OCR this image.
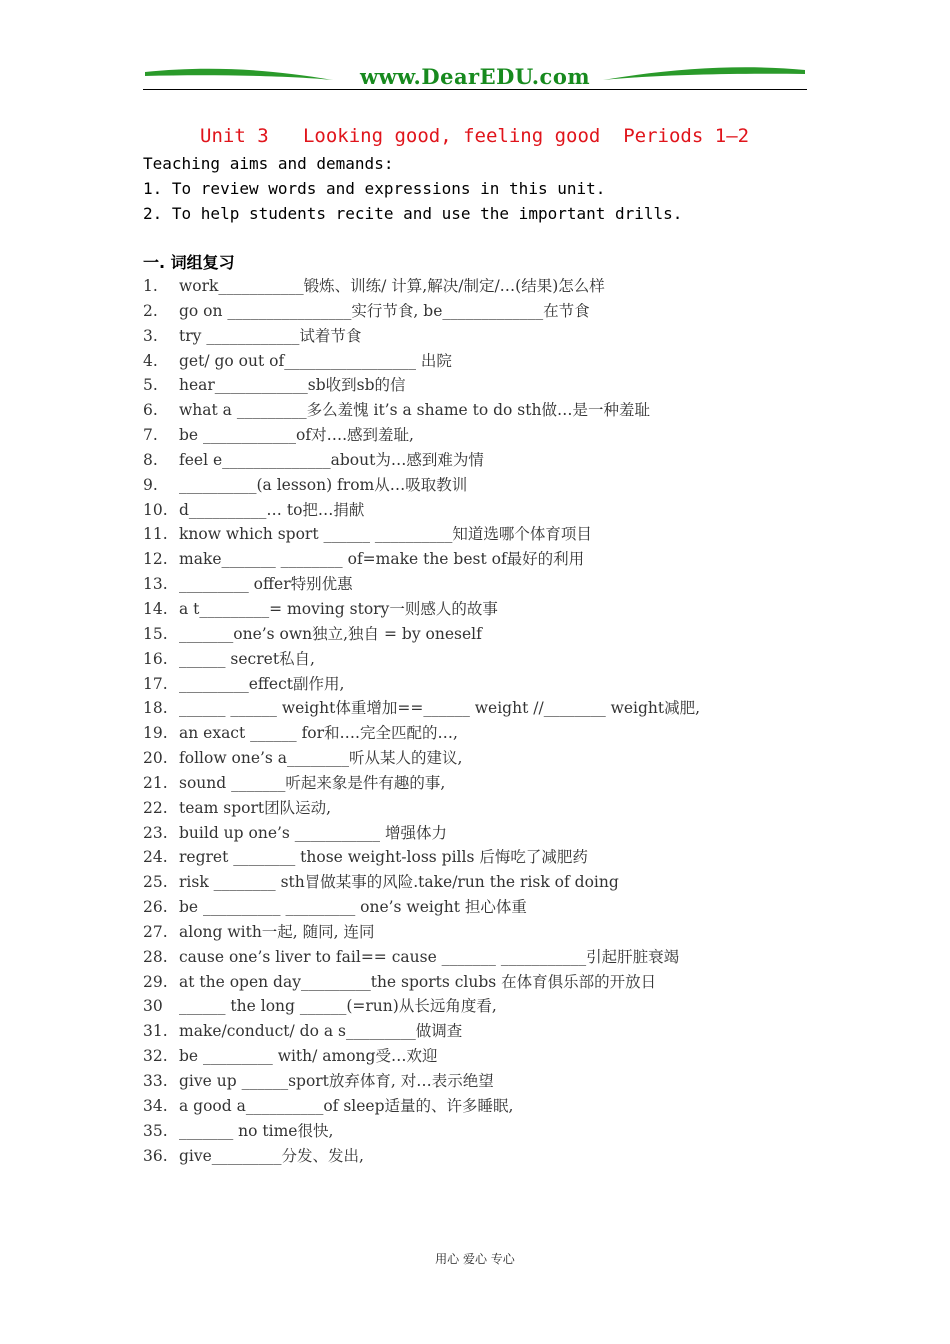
www.DearEDU.com
Unit 3   Looking good, feeling good  Periods 1—2
Teaching aims and demands:
1. To review words and expressions in this unit.
2. To help students recite and use the important drills.
一. 词组复习
1. work___________锻炼、训练/ 计算,解决/制定/…(结果)怎么样
2. go on ________________实行节食, be_____________在节食
3. try ____________试着节食
4. get/ go out of_________________ 出院
5. hear____________sb收到sb的信
6. what a _________多么羞愧 it’s a shame to do sth做…是一种羞耻
7. be ____________of对….感到羞耻,
8. feel e______________about为…感到难为情
9. __________(a lesson) from从…吸取教训
10. d__________… to把…捐献
11. know which sport ______ __________知道选哪个体育项目
12. make_______ ________ of=make the best of最好的利用
13. _________ offer特别优惠
14. a t_________= moving story一则感人的故事
15. _______one’s own独立,独自 = by oneself
16. ______ secret私自,
17. _________effect副作用,
18. ______ ______ weight体重增加==______ weight //________ weight减肥,
19. an exact ______ for和….完全匹配的…,
20. follow one’s a________听从某人的建议,
21. sound _______听起来象是件有趣的事,
22. team sport团队运动,
23. build up one’s ___________ 增强体力
24. regret ________ those weight-loss pills 后悔吃了减肥药
25. risk ________ sth冒做某事的风险.take/run the risk of doing
26. be __________ _________ one’s weight 担心体重
27. along with一起, 随同, 连同
28. cause one’s liver to fail== cause _______ ___________引起肝脏衰竭
29. at the open day_________the sports clubs 在体育俱乐部的开放日
30 ______ the long ______(=run)从长远角度看,
31. make/conduct/ do a s_________做调查
32. be _________ with/ among受…欢迎
33. give up ______sport放弃体育, 对…表示绝望
34. a good a__________of sleep适量的、许多睡眠,
35. _______ no time很快,
36. give_________分发、发出,
用心 爱心 专心
